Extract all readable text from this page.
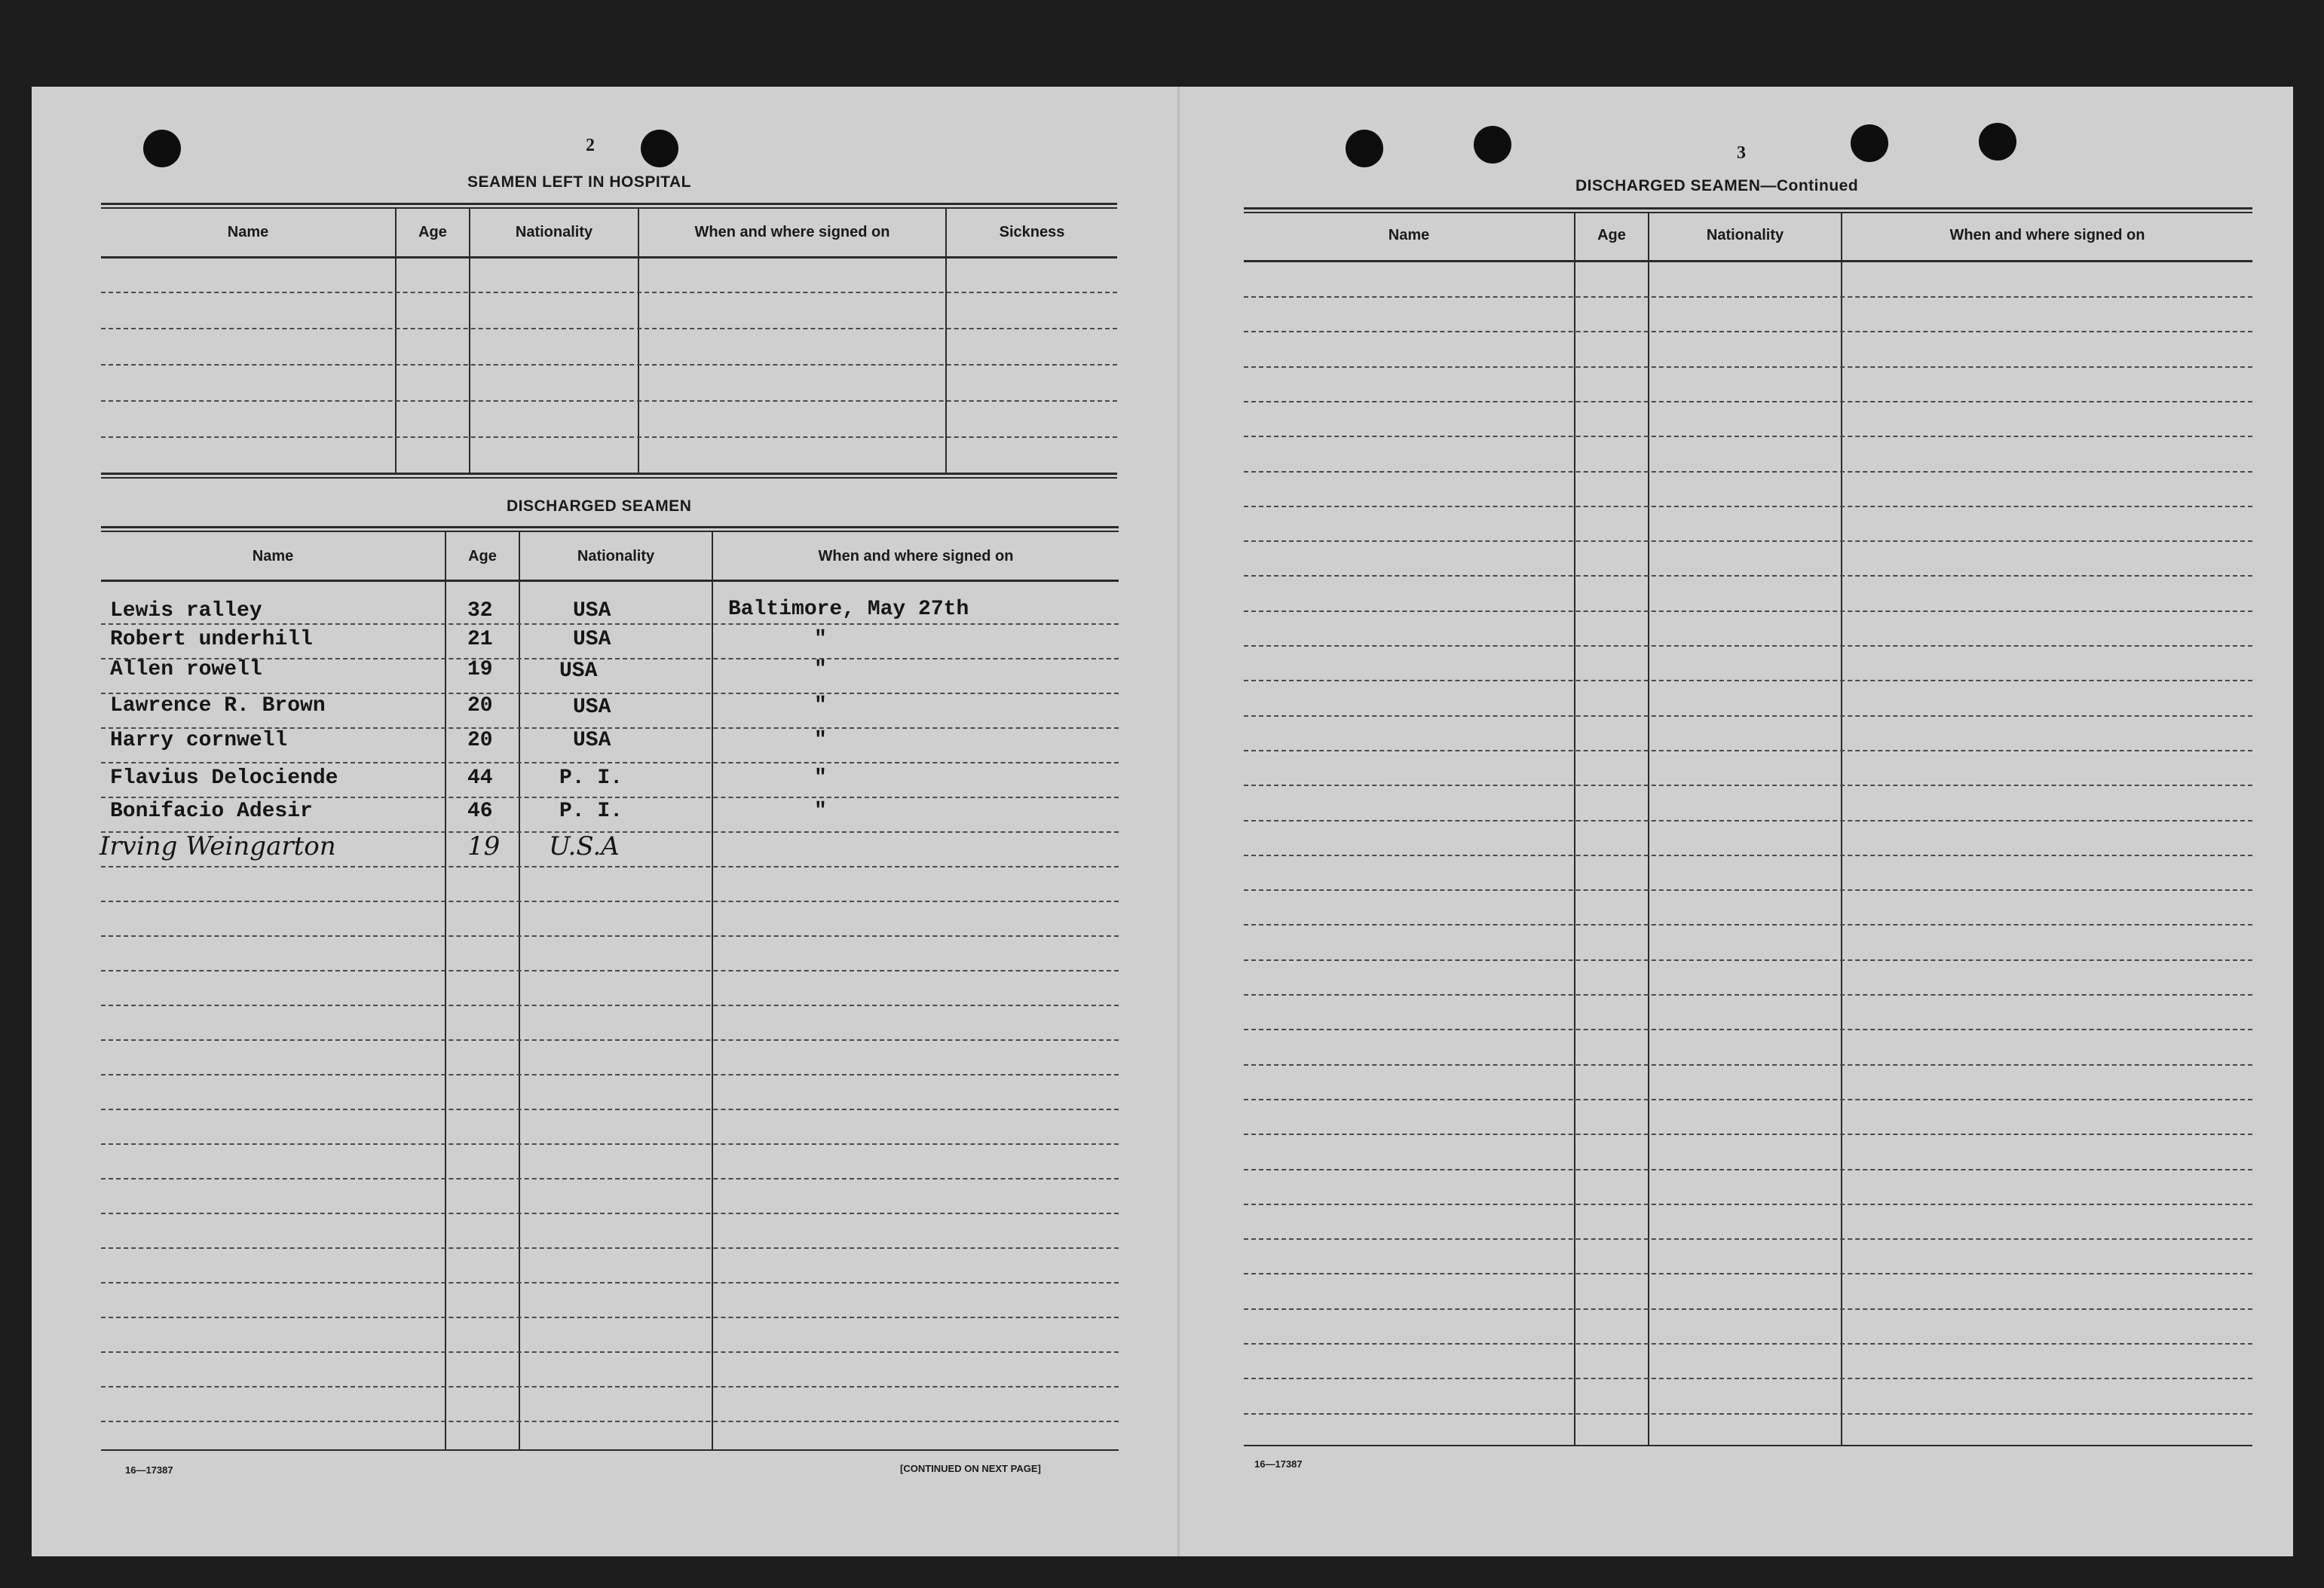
2
SEAMEN LEFT IN HOSPITAL
Name	Age	Nationality	When and where signed on	Sickness
DISCHARGED SEAMEN
Name	Age	Nationality	When and where signed on
Lewis ralley	32	USA	Baltimore, May 27th
Robert underhill	21	USA	"
Allen rowell	19	USA	"
Lawrence R. Brown	20	USA	"
Harry cornwell	20	USA	"
Flavius Delociende	44	P. I.	"
Bonifacio Adesir	46	P. I.	"
Irving Weingarton	19 U.S.A
16—17387	[CONTINUED ON NEXT PAGE]
3
DISCHARGED SEAMEN—Continued
Name	Age	Nationality	When and where signed on
16—17387
